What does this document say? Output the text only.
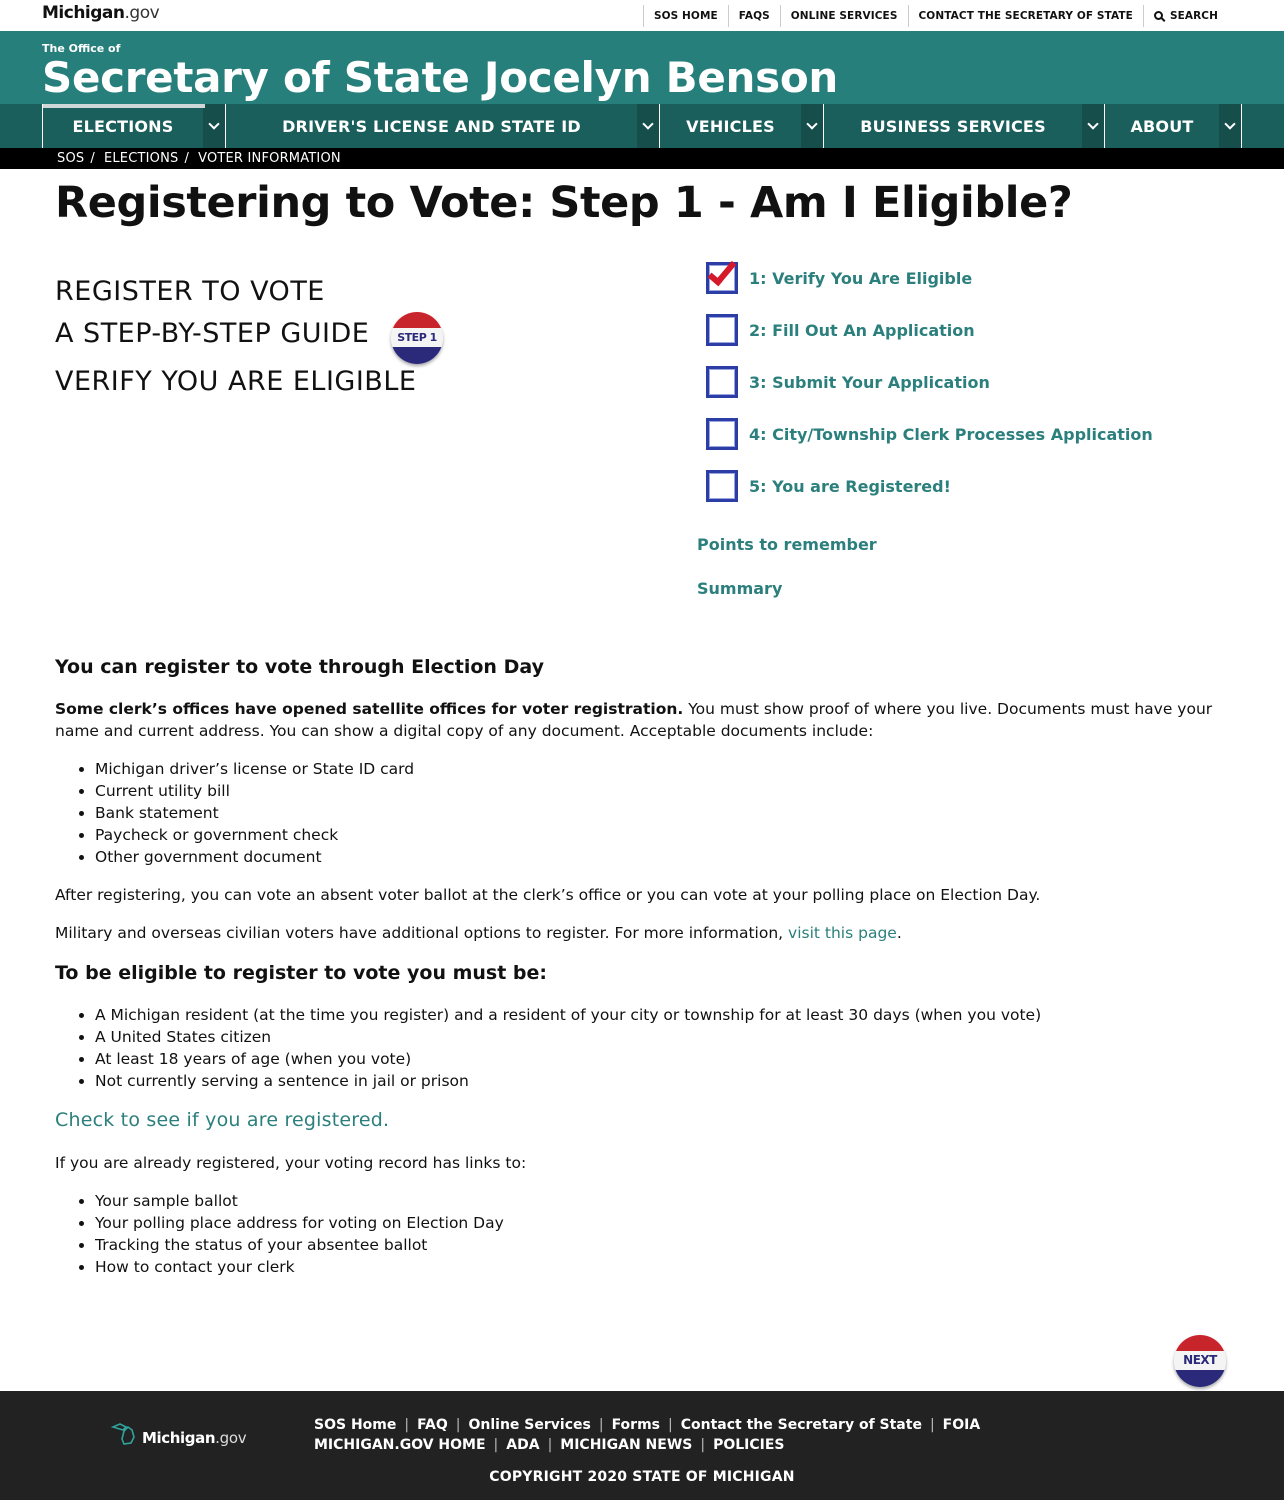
Michigan.gov	SOS HOME	FAQS	ONLINE SERVICES	CONTACT THE SECRETARY OF STATE	SEARCH
The Office of
Secretary of State Jocelyn Benson
ELECTIONS	DRIVER'S LICENSE AND STATE ID	VEHICLES	BUSINESS SERVICES	ABOUT
SOS / ELECTIONS / VOTER INFORMATION
Registering to Vote: Step 1 - Am I Eligible?
REGISTER TO VOTE
A STEP-BY-STEP GUIDE
VERIFY YOU ARE ELIGIBLE
STEP 1
1: Verify You Are Eligible
2: Fill Out An Application
3: Submit Your Application
4: City/Township Clerk Processes Application
5: You are Registered!
Points to remember
Summary
You can register to vote through Election Day

Some clerk’s offices have opened satellite offices for voter registration. You must show proof of where you live. Documents must have your name and current address. You can show a digital copy of any document. Acceptable documents include:

• Michigan driver’s license or State ID card
• Current utility bill
• Bank statement
• Paycheck or government check
• Other government document

After registering, you can vote an absent voter ballot at the clerk’s office or you can vote at your polling place on Election Day.

Military and overseas civilian voters have additional options to register. For more information, visit this page.

To be eligible to register to vote you must be:
• A Michigan resident (at the time you register) and a resident of your city or township for at least 30 days (when you vote)
• A United States citizen
• At least 18 years of age (when you vote)
• Not currently serving a sentence in jail or prison
Check to see if you are registered.

If you are already registered, your voting record has links to:

• Your sample ballot
• Your polling place address for voting on Election Day
• Tracking the status of your absentee ballot
• How to contact your clerk
NEXT
Michigan .gov
SOS Home | FAQ | Online Services | Forms | Contact the Secretary of State | FOIA
MICHIGAN.GOV HOME | ADA | MICHIGAN NEWS | POLICIES
COPYRIGHT 2020 STATE OF MICHIGAN
